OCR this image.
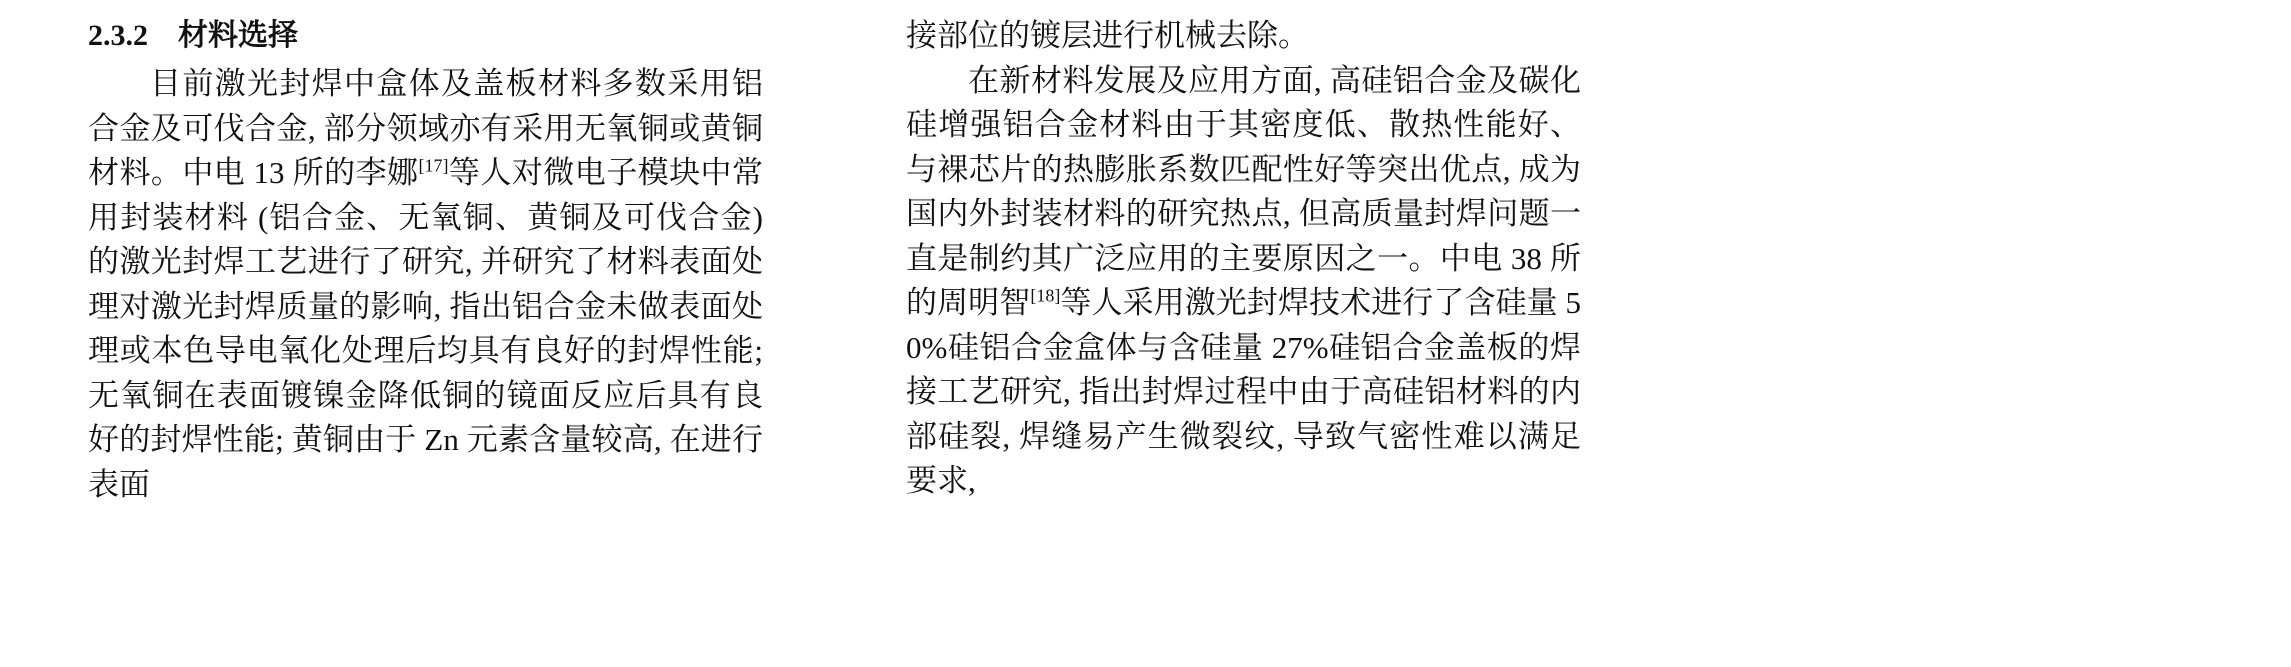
2.3.2　材料选择

目前激光封焊中盒体及盖板材料多数采用铝合金及可伐合金, 部分领域亦有采用无氧铜或黄铜材料。中电 13 所的李娜[17]等人对微电子模块中常用封装材料 (铝合金、无氧铜、黄铜及可伐合金) 的激光封焊工艺进行了研究, 并研究了材料表面处理对激光封焊质量的影响, 指出铝合金未做表面处理或本色导电氧化处理后均具有良好的封焊性能; 无氧铜在表面镀镍金降低铜的镜面反应后具有良好的封焊性能; 黄铜由于 Zn 元素含量较高, 在进行表面

接部位的镀层进行机械去除。

在新材料发展及应用方面, 高硅铝合金及碳化硅增强铝合金材料由于其密度低、散热性能好、与裸芯片的热膨胀系数匹配性好等突出优点, 成为国内外封装材料的研究热点, 但高质量封焊问题一直是制约其广泛应用的主要原因之一。中电 38 所的周明智[18]等人采用激光封焊技术进行了含硅量 50%硅铝合金盒体与含硅量 27%硅铝合金盖板的焊接工艺研究, 指出封焊过程中由于高硅铝材料的内部硅裂, 焊缝易产生微裂纹, 导致气密性难以满足要求,
